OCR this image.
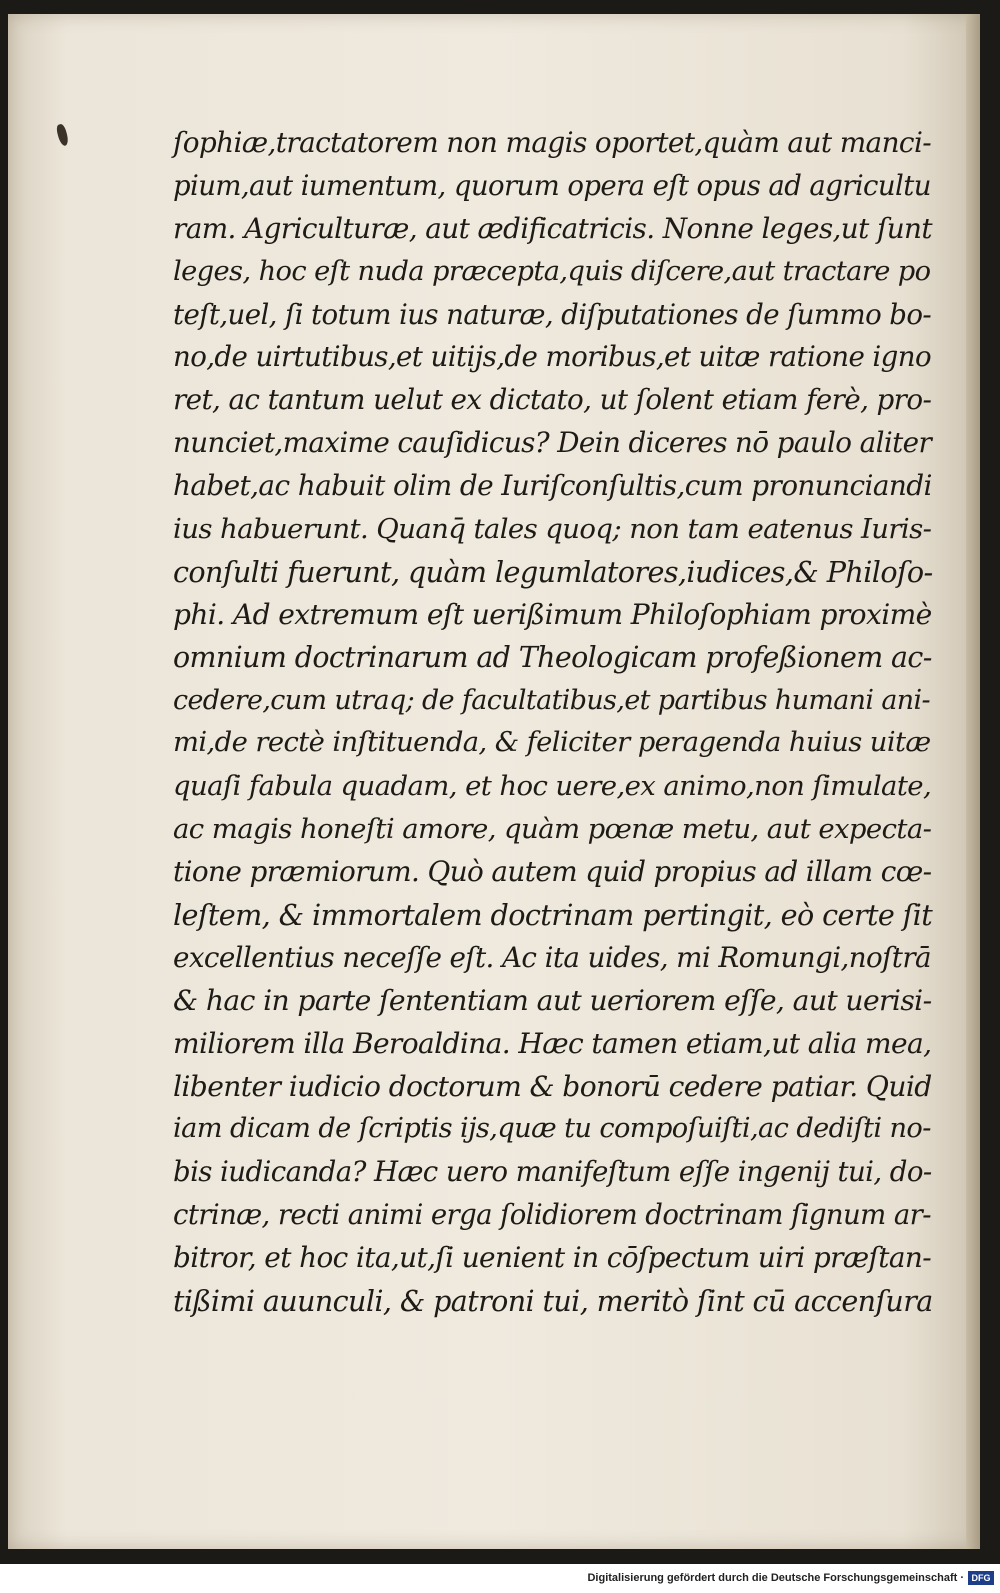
ſophiæ,tractatorem non magis oportet,quàm aut manci-
pium,aut iumentum, quorum opera eſt opus ad agricultu
ram. Agriculturæ, aut ædificatricis. Nonne leges,ut ſunt
leges, hoc eſt nuda præcepta,quis diſcere,aut tractare po
teſt,uel, ſi totum ius naturæ, diſputationes de ſummo bo-
no,de uirtutibus,et uitijs,de moribus,et uitæ ratione igno
ret, ac tantum uelut ex dictato, ut ſolent etiam ferè, pro-
nunciet,maxime cauſidicus? Dein diceres nō paulo aliter
habet,ac habuit olim de Iuriſconſultis,cum pronunciandi
ius habuerunt. Quanq̄ tales quoq; non tam eatenus Iuris-
conſulti fuerunt, quàm legumlatores,iudices,& Philoſo-
phi. Ad extremum eſt uerißimum Philoſophiam proximè
omnium doctrinarum ad Theologicam profeßionem ac-
cedere,cum utraq; de facultatibus,et partibus humani ani-
mi,de rectè inſtituenda, & feliciter peragenda huius uitæ
quaſi fabula quadam, et hoc uere,ex animo,non ſimulate,
ac magis honeſti amore, quàm pœnæ metu, aut expecta-
tione præmiorum. Quò autem quid propius ad illam cœ-
leſtem, & immortalem doctrinam pertingit, eò certe ſit
excellentius neceſſe eſt. Ac ita uides, mi Romungi,noſtrā
& hac in parte ſententiam aut ueriorem eſſe, aut uerisi-
miliorem illa Beroaldina. Hæc tamen etiam,ut alia mea,
libenter iudicio doctorum & bonorū cedere patiar. Quid
iam dicam de ſcriptis ijs,quæ tu compoſuiſti,ac dediſti no-
bis iudicanda? Hæc uero manifeſtum eſſe ingenij tui, do-
ctrinæ, recti animi erga ſolidiorem doctrinam ſignum ar-
bitror, et hoc ita,ut,ſi uenient in cōſpectum uiri præſtan-
tißimi auunculi, & patroni tui, meritò ſint cū accenſura
Digitalisierung gefördert durch die Deutsche Forschungsgemeinschaft · DFG
